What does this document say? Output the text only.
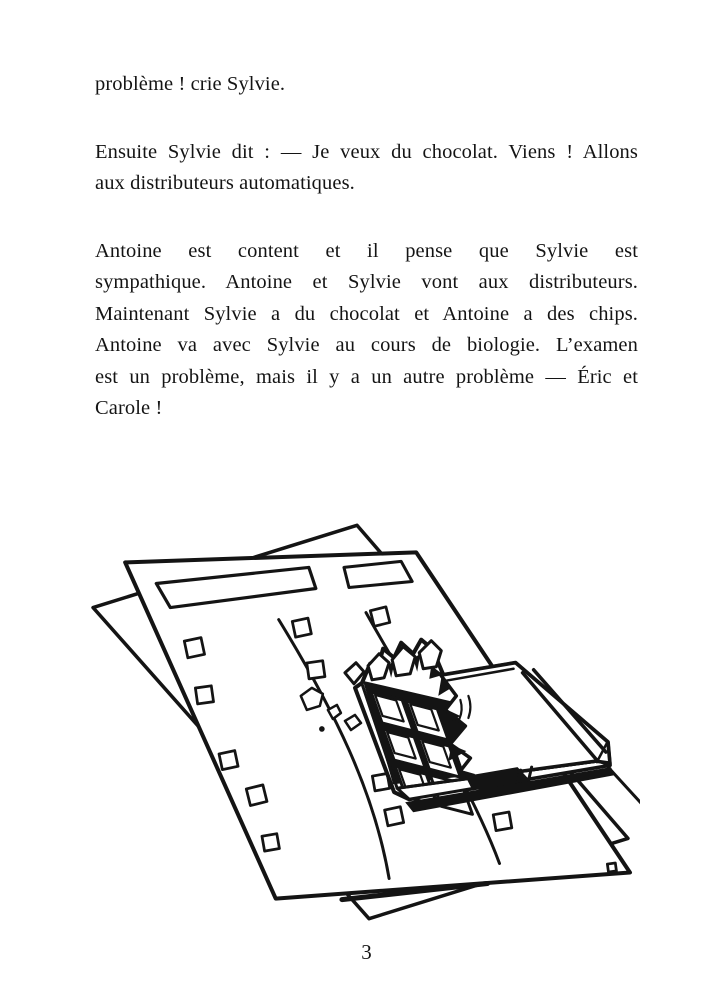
problème ! crie Sylvie.

Ensuite Sylvie dit : — Je veux du chocolat. Viens ! Allons
aux distributeurs automatiques.

Antoine est content et il pense que Sylvie est
sympathique. Antoine et Sylvie vont aux distributeurs.
Maintenant Sylvie a du chocolat et Antoine a des chips.
Antoine va avec Sylvie au cours de biologie. L’examen
est un problème, mais il y a un autre problème — Éric et
Carole !

3
